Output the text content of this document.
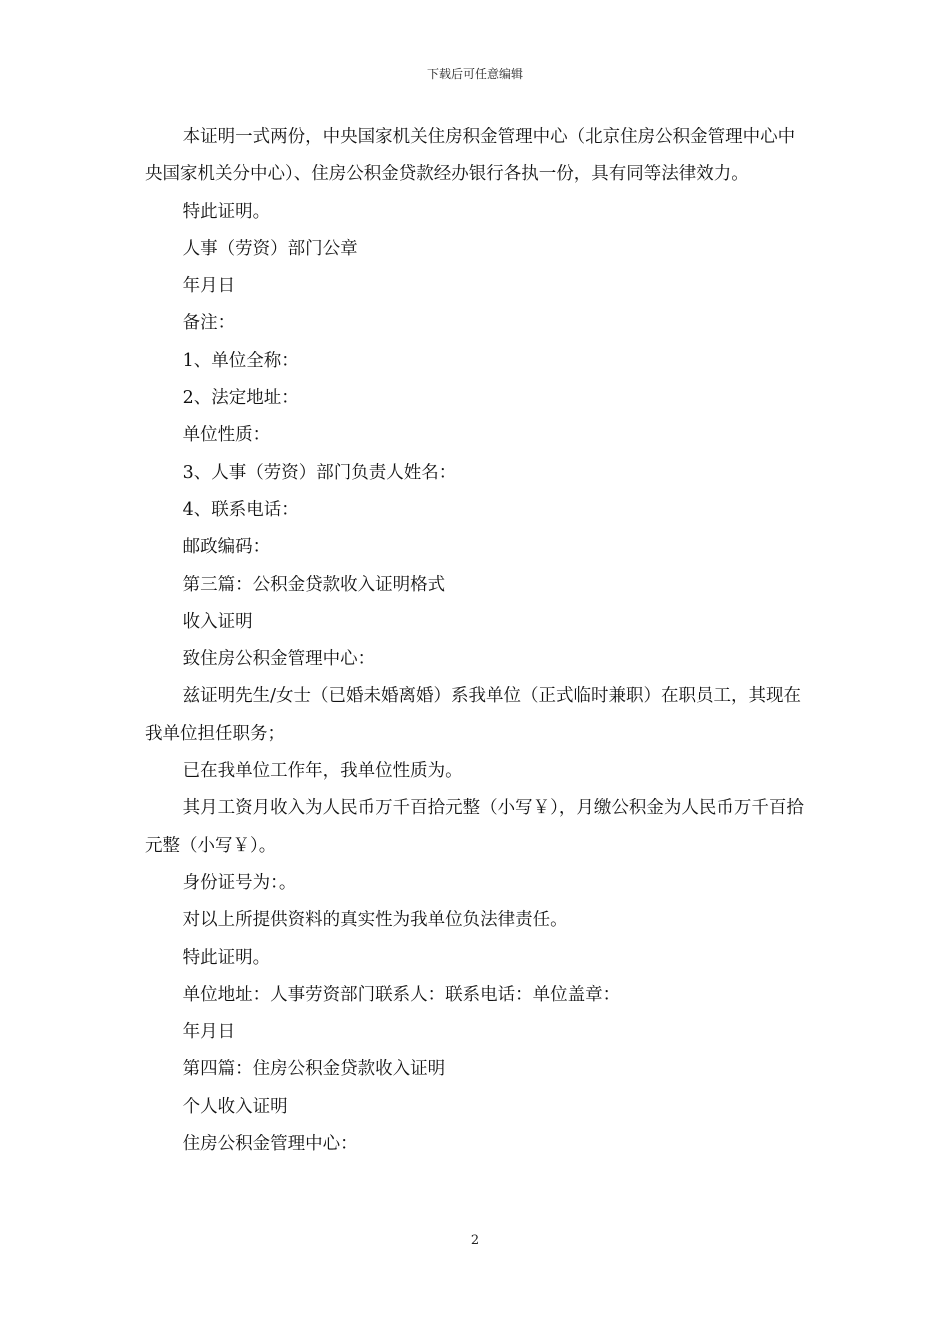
下载后可任意编辑

本证明一式两份，中央国家机关住房积金管理中心（北京住房公积金管理中心中央国家机关分中心）、住房公积金贷款经办银行各执一份，具有同等法律效力。

特此证明。

人事（劳资）部门公章

年月日

备注：

1、单位全称：

2、法定地址：

单位性质：

3、人事（劳资）部门负责人姓名：

4、联系电话：

邮政编码：

第三篇：公积金贷款收入证明格式

收入证明

致住房公积金管理中心：

兹证明先生/女士（已婚未婚离婚）系我单位（正式临时兼职）在职员工，其现在我单位担任职务；

已在我单位工作年，我单位性质为。

其月工资月收入为人民币万千百拾元整（小写￥），月缴公积金为人民币万千百拾元整（小写￥）。

身份证号为：。

对以上所提供资料的真实性为我单位负法律责任。

特此证明。

单位地址：人事劳资部门联系人：联系电话：单位盖章：

年月日

第四篇：住房公积金贷款收入证明

个人收入证明

住房公积金管理中心：

2
